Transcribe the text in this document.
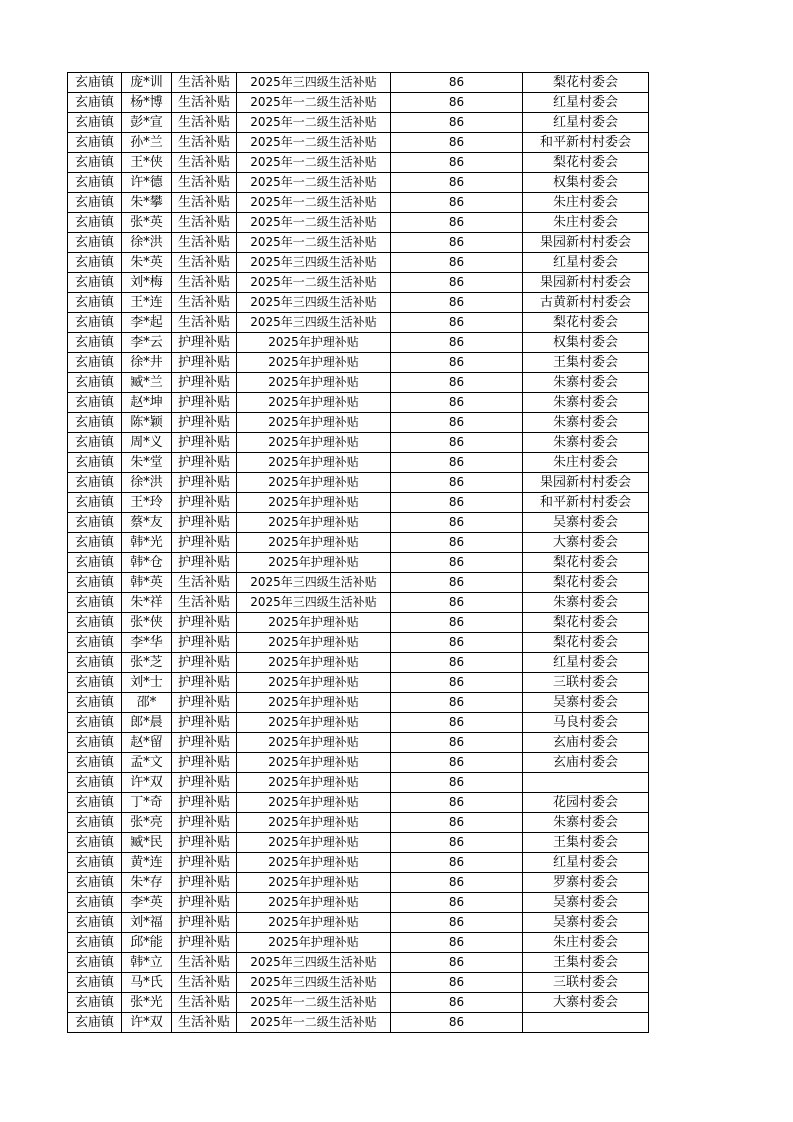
玄庙镇	庞*训	生活补贴	2025年三四级生活补贴	86	梨花村委会
玄庙镇	杨*博	生活补贴	2025年一二级生活补贴	86	红星村委会
玄庙镇	彭*宣	生活补贴	2025年一二级生活补贴	86	红星村委会
玄庙镇	孙*兰	生活补贴	2025年一二级生活补贴	86	和平新村村委会
玄庙镇	王*侠	生活补贴	2025年一二级生活补贴	86	梨花村委会
玄庙镇	许*德	生活补贴	2025年一二级生活补贴	86	权集村委会
玄庙镇	朱*攀	生活补贴	2025年一二级生活补贴	86	朱庄村委会
玄庙镇	张*英	生活补贴	2025年一二级生活补贴	86	朱庄村委会
玄庙镇	徐*洪	生活补贴	2025年一二级生活补贴	86	果园新村村委会
玄庙镇	朱*英	生活补贴	2025年三四级生活补贴	86	红星村委会
玄庙镇	刘*梅	生活补贴	2025年一二级生活补贴	86	果园新村村委会
玄庙镇	王*连	生活补贴	2025年三四级生活补贴	86	古黄新村村委会
玄庙镇	李*起	生活补贴	2025年三四级生活补贴	86	梨花村委会
玄庙镇	李*云	护理补贴	2025年护理补贴	86	权集村委会
玄庙镇	徐*井	护理补贴	2025年护理补贴	86	王集村委会
玄庙镇	臧*兰	护理补贴	2025年护理补贴	86	朱寨村委会
玄庙镇	赵*坤	护理补贴	2025年护理补贴	86	朱寨村委会
玄庙镇	陈*颖	护理补贴	2025年护理补贴	86	朱寨村委会
玄庙镇	周*义	护理补贴	2025年护理补贴	86	朱寨村委会
玄庙镇	朱*堂	护理补贴	2025年护理补贴	86	朱庄村委会
玄庙镇	徐*洪	护理补贴	2025年护理补贴	86	果园新村村委会
玄庙镇	王*玲	护理补贴	2025年护理补贴	86	和平新村村委会
玄庙镇	蔡*友	护理补贴	2025年护理补贴	86	吴寨村委会
玄庙镇	韩*光	护理补贴	2025年护理补贴	86	大寨村委会
玄庙镇	韩*仓	护理补贴	2025年护理补贴	86	梨花村委会
玄庙镇	韩*英	生活补贴	2025年三四级生活补贴	86	梨花村委会
玄庙镇	朱*祥	生活补贴	2025年三四级生活补贴	86	朱寨村委会
玄庙镇	张*侠	护理补贴	2025年护理补贴	86	梨花村委会
玄庙镇	李*华	护理补贴	2025年护理补贴	86	梨花村委会
玄庙镇	张*芝	护理补贴	2025年护理补贴	86	红星村委会
玄庙镇	刘*士	护理补贴	2025年护理补贴	86	三联村委会
玄庙镇	邵*	护理补贴	2025年护理补贴	86	吴寨村委会
玄庙镇	郎*晨	护理补贴	2025年护理补贴	86	马良村委会
玄庙镇	赵*留	护理补贴	2025年护理补贴	86	玄庙村委会
玄庙镇	孟*文	护理补贴	2025年护理补贴	86	玄庙村委会
玄庙镇	许*双	护理补贴	2025年护理补贴	86	
玄庙镇	丁*奇	护理补贴	2025年护理补贴	86	花园村委会
玄庙镇	张*亮	护理补贴	2025年护理补贴	86	朱寨村委会
玄庙镇	臧*民	护理补贴	2025年护理补贴	86	王集村委会
玄庙镇	黄*连	护理补贴	2025年护理补贴	86	红星村委会
玄庙镇	朱*存	护理补贴	2025年护理补贴	86	罗寨村委会
玄庙镇	李*英	护理补贴	2025年护理补贴	86	吴寨村委会
玄庙镇	刘*福	护理补贴	2025年护理补贴	86	吴寨村委会
玄庙镇	邱*能	护理补贴	2025年护理补贴	86	朱庄村委会
玄庙镇	韩*立	生活补贴	2025年三四级生活补贴	86	王集村委会
玄庙镇	马*氏	生活补贴	2025年三四级生活补贴	86	三联村委会
玄庙镇	张*光	生活补贴	2025年一二级生活补贴	86	大寨村委会
玄庙镇	许*双	生活补贴	2025年一二级生活补贴	86	
